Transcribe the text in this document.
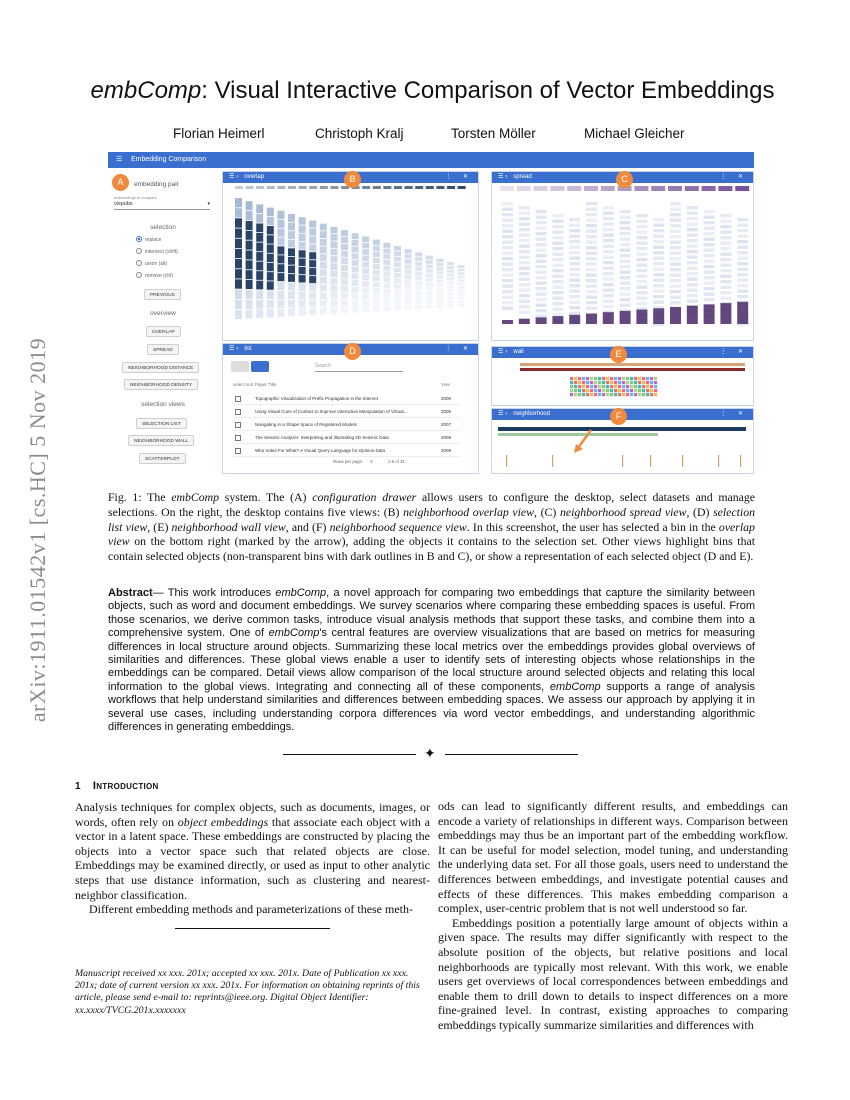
arXiv:1911.01542v1 [cs.HC] 5 Nov 2019
embComp: Visual Interactive Comparison of Vector Embeddings
Florian Heimerl	Christoph Kralj	Torsten Möller	Michael Gleicher
☰ Embedding Comparison
A	embedding pair
embeddings to compare
vispubs	▾
selection
replace
intersect (shift)
union (alt)
remove (ctrl)
PREVIOUS
overview
OVERLAP
SPREAD
NEIGHBORHOOD DISTANCE
NEIGHBORHOOD DENSITY
selection views
SELECTION LIST
NEIGHBORHOOD WALL
SCATTERPLOT
☰ › overlap	⋮ ✕
B	☰ › spread	⋮ ✕
C
☰ › list	⋮ ✕
Search
select sort Paper Title	Year
Rows per page: 5	1-5 of 31
Topographic Visualization of Prefix Propagation in the Internet	2006
Using Visual Cues of Contact to Improve Interactive Manipulation of Virtual...	2006
Navigating in a Shape Space of Registered Models	2007
The Seismic Analyzer: Interpreting and Illustrating 2D Seismic Data	2008
Who Votes For What? A Visual Query Language for Opinion Data	2008
D	☰ › wall	⋮ ✕
E
☰ › neighborhood	⋮ ✕
F
Fig. 1: The embComp system. The (A) configuration drawer allows users to configure the desktop, select datasets and manage selections. On the right, the desktop contains five views: (B) neighborhood overlap view, (C) neighborhood spread view, (D) selection list view, (E) neighborhood wall view, and (F) neighborhood sequence view. In this screenshot, the user has selected a bin in the overlap view on the bottom right (marked by the arrow), adding the objects it contains to the selection set. Other views highlight bins that contain selected objects (non-transparent bins with dark outlines in B and C), or show a representation of each selected object (D and E).
Abstract— This work introduces embComp, a novel approach for comparing two embeddings that capture the similarity between objects, such as word and document embeddings. We survey scenarios where comparing these embedding spaces is useful. From those scenarios, we derive common tasks, introduce visual analysis methods that support these tasks, and combine them into a comprehensive system. One of embComp's central features are overview visualizations that are based on metrics for measuring differences in local structure around objects. Summarizing these local metrics over the embeddings provides global overviews of similarities and differences. These global views enable a user to identify sets of interesting objects whose relationships in the embeddings can be compared. Detail views allow comparison of the local structure around selected objects and relating this local information to the global views. Integrating and connecting all of these components, embComp supports a range of analysis workflows that help understand similarities and differences between embedding spaces. We assess our approach by applying it in several use cases, including understanding corpora differences via word vector embeddings, and understanding algorithmic differences in generating embeddings.
✦
1 Introduction

Analysis techniques for complex objects, such as documents, images, or words, often rely on object embeddings that associate each object with a vector in a latent space. These embeddings are constructed by placing the objects into a vector space such that related objects are close. Embeddings may be examined directly, or used as input to other analytic steps that use distance information, such as clustering and nearest-neighbor classification.

Different embedding methods and parameterizations of these meth-

Manuscript received xx xxx. 201x; accepted xx xxx. 201x. Date of Publication xx xxx. 201x; date of current version xx xxx. 201x. For information on obtaining reprints of this article, please send e-mail to: reprints@ieee.org. Digital Object Identifier: xx.xxxx/TVCG.201x.xxxxxxx

ods can lead to significantly different results, and embeddings can encode a variety of relationships in different ways. Comparison between embeddings may thus be an important part of the embedding workflow. It can be useful for model selection, model tuning, and understanding the underlying data set. For all those goals, users need to understand the differences between embeddings, and investigate potential causes and effects of these differences. This makes embedding comparison a complex, user-centric problem that is not well understood so far.

Embeddings position a potentially large amount of objects within a given space. The results may differ significantly with respect to the absolute position of the objects, but relative positions and local neighborhoods are typically most relevant. With this work, we enable users get overviews of local correspondences between embeddings and enable them to drill down to details to inspect differences on a more fine-grained level. In contrast, existing approaches to comparing embeddings typically summarize similarities and differences with
